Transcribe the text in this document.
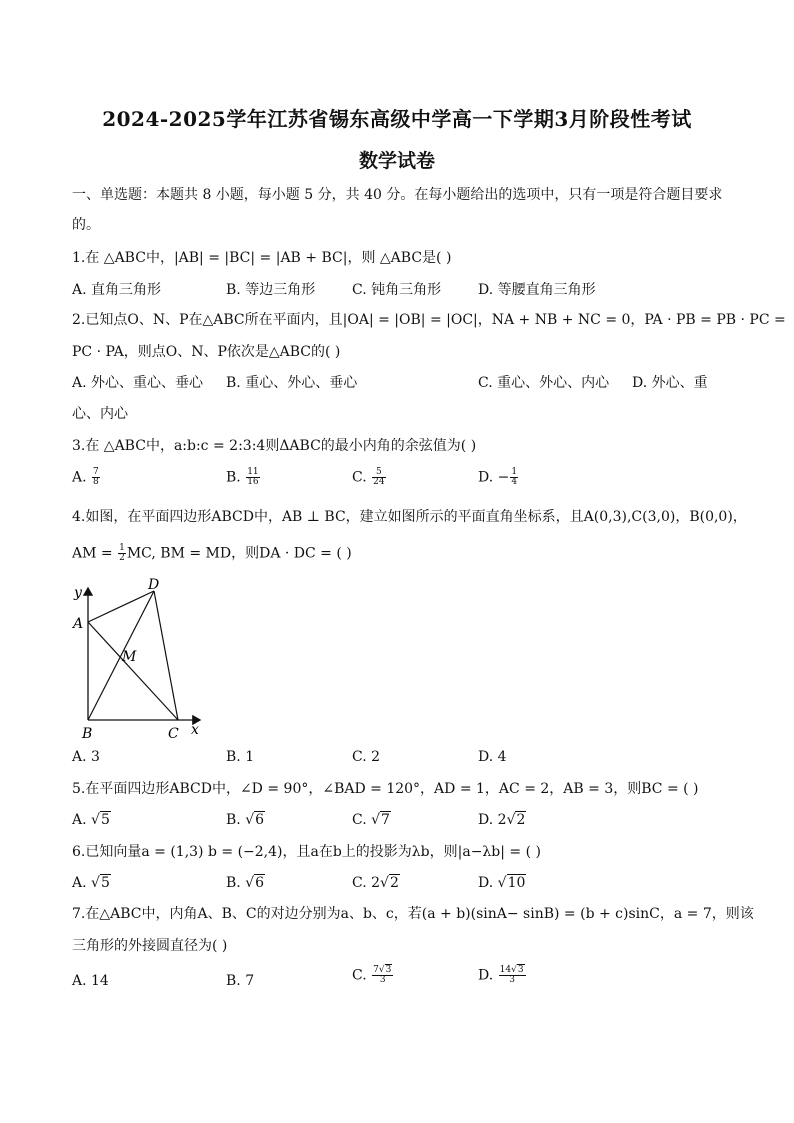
2024-2025学年江苏省锡东高级中学高一下学期3月阶段性考试
数学试卷
一、单选题：本题共 8 小题，每小题 5 分，共 40 分。在每小题给出的选项中，只有一项是符合题目要求
的。
1.在 △ABC中，|AB| = |BC| = |AB + BC|，则 △ABC是( )
A. 直角三角形	B. 等边三角形	C. 钝角三角形	D. 等腰直角三角形
2.已知点O、N、P在△ABC所在平面内，且|OA| = |OB| = |OC|，NA + NB + NC = 0，PA · PB = PB · PC =
PC · PA，则点O、N、P依次是△ABC的( )
A. 外心、重心、垂心 B. 重心、外心、垂心	C. 重心、外心、内心 D. 外心、重
心、内心
3.在 △ABC中，a:b:c = 2:3:4则ΔABC的最小内角的余弦值为( )
A. $\frac{7}{8}$	B. $\frac{11}{16}$	C. $\frac{5}{24}$	D. − $\frac{1}{4}$
4.如图，在平面四边形ABCD中，AB ⊥ BC，建立如图所示的平面直角坐标系，且A(0,3),C(3,0)，B(0,0)，
AM = $\frac{1}{2}$ MC, BM = MD，则DA · DC = ( )
y
x
A
B	C
D
M
A. 3	B. 1	C. 2	D. 4
5.在平面四边形ABCD中，∠D = 90°，∠BAD = 120°，AD = 1，AC = 2，AB = 3，则BC = ( )
A. √5	B. √6	C. √7	D. 2√2
6.已知向量a = (1,3) b = (−2,4)，且a在b上的投影为λb，则|a−λb| = ( )
A. √5	B. √6	C. 2√2	D. √10
7.在△ABC中，内角A、B、C的对边分别为a、b、c，若(a + b)(sinA− sinB) = (b + c)sinC，a = 7，则该
三角形的外接圆直径为( )
A. 14	B. 7	C. $\frac{7√3}{3}$	D. $\frac{14√3}{3}$
